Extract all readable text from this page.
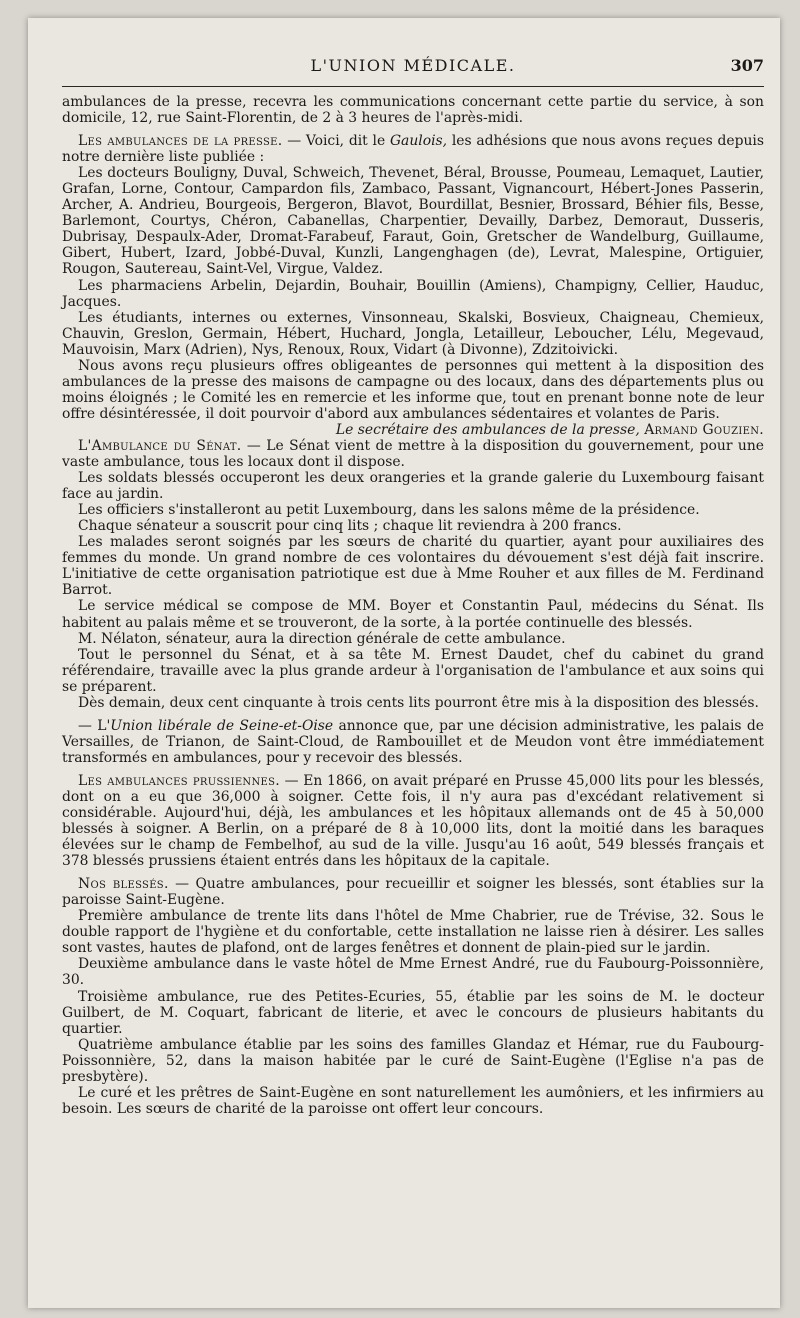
L'UNION MÉDICALE.	307

ambulances de la presse, recevra les communications concernant cette partie du service, à son domicile, 12, rue Saint-Florentin, de 2 à 3 heures de l'après-midi.

Les ambulances de la presse. — Voici, dit le Gaulois, les adhésions que nous avons reçues depuis notre dernière liste publiée :

Les docteurs Bouligny, Duval, Schweich, Thevenet, Béral, Brousse, Poumeau, Lemaquet, Lautier, Grafan, Lorne, Contour, Campardon fils, Zambaco, Passant, Vignancourt, Hébert-Jones Passerin, Archer, A. Andrieu, Bourgeois, Bergeron, Blavot, Bourdillat, Besnier, Brossard, Béhier fils, Besse, Barlemont, Courtys, Chéron, Cabanellas, Charpentier, Devailly, Darbez, Demoraut, Dusseris, Dubrisay, Despaulx-Ader, Dromat-Farabeuf, Faraut, Goin, Gretscher de Wandelburg, Guillaume, Gibert, Hubert, Izard, Jobbé-Duval, Kunzli, Langenghagen (de), Levrat, Malespine, Ortiguier, Rougon, Sautereau, Saint-Vel, Virgue, Valdez.

Les pharmaciens Arbelin, Dejardin, Bouhair, Bouillin (Amiens), Champigny, Cellier, Hauduc, Jacques.

Les étudiants, internes ou externes, Vinsonneau, Skalski, Bosvieux, Chaigneau, Chemieux, Chauvin, Greslon, Germain, Hébert, Huchard, Jongla, Letailleur, Leboucher, Lélu, Megevaud, Mauvoisin, Marx (Adrien), Nys, Renoux, Roux, Vidart (à Divonne), Zdzitoivicki.

Nous avons reçu plusieurs offres obligeantes de personnes qui mettent à la disposition des ambulances de la presse des maisons de campagne ou des locaux, dans des départements plus ou moins éloignés ; le Comité les en remercie et les informe que, tout en prenant bonne note de leur offre désintéressée, il doit pourvoir d'abord aux ambulances sédentaires et volantes de Paris.

Le secrétaire des ambulances de la presse, Armand Gouzien.

L'Ambulance du Sénat. — Le Sénat vient de mettre à la disposition du gouvernement, pour une vaste ambulance, tous les locaux dont il dispose.

Les soldats blessés occuperont les deux orangeries et la grande galerie du Luxembourg faisant face au jardin.

Les officiers s'installeront au petit Luxembourg, dans les salons même de la présidence.

Chaque sénateur a souscrit pour cinq lits ; chaque lit reviendra à 200 francs.

Les malades seront soignés par les sœurs de charité du quartier, ayant pour auxiliaires des femmes du monde. Un grand nombre de ces volontaires du dévouement s'est déjà fait inscrire. L'initiative de cette organisation patriotique est due à Mme Rouher et aux filles de M. Ferdinand Barrot.

Le service médical se compose de MM. Boyer et Constantin Paul, médecins du Sénat. Ils habitent au palais même et se trouveront, de la sorte, à la portée continuelle des blessés.

M. Nélaton, sénateur, aura la direction générale de cette ambulance.

Tout le personnel du Sénat, et à sa tête M. Ernest Daudet, chef du cabinet du grand référendaire, travaille avec la plus grande ardeur à l'organisation de l'ambulance et aux soins qui se préparent.

Dès demain, deux cent cinquante à trois cents lits pourront être mis à la disposition des blessés.

— L'Union libérale de Seine-et-Oise annonce que, par une décision administrative, les palais de Versailles, de Trianon, de Saint-Cloud, de Rambouillet et de Meudon vont être immédiatement transformés en ambulances, pour y recevoir des blessés.

Les ambulances prussiennes. — En 1866, on avait préparé en Prusse 45,000 lits pour les blessés, dont on a eu que 36,000 à soigner. Cette fois, il n'y aura pas d'excédant relativement si considérable. Aujourd'hui, déjà, les ambulances et les hôpitaux allemands ont de 45 à 50,000 blessés à soigner. A Berlin, on a préparé de 8 à 10,000 lits, dont la moitié dans les baraques élevées sur le champ de Fembelhof, au sud de la ville. Jusqu'au 16 août, 549 blessés français et 378 blessés prussiens étaient entrés dans les hôpitaux de la capitale.

Nos blessés. — Quatre ambulances, pour recueillir et soigner les blessés, sont établies sur la paroisse Saint-Eugène.

Première ambulance de trente lits dans l'hôtel de Mme Chabrier, rue de Trévise, 32. Sous le double rapport de l'hygiène et du confortable, cette installation ne laisse rien à désirer. Les salles sont vastes, hautes de plafond, ont de larges fenêtres et donnent de plain-pied sur le jardin.

Deuxième ambulance dans le vaste hôtel de Mme Ernest André, rue du Faubourg-Poissonnière, 30.

Troisième ambulance, rue des Petites-Ecuries, 55, établie par les soins de M. le docteur Guilbert, de M. Coquart, fabricant de literie, et avec le concours de plusieurs habitants du quartier.

Quatrième ambulance établie par les soins des familles Glandaz et Hémar, rue du Faubourg-Poissonnière, 52, dans la maison habitée par le curé de Saint-Eugène (l'Eglise n'a pas de presbytère).

Le curé et les prêtres de Saint-Eugène en sont naturellement les aumôniers, et les infirmiers au besoin. Les sœurs de charité de la paroisse ont offert leur concours.
